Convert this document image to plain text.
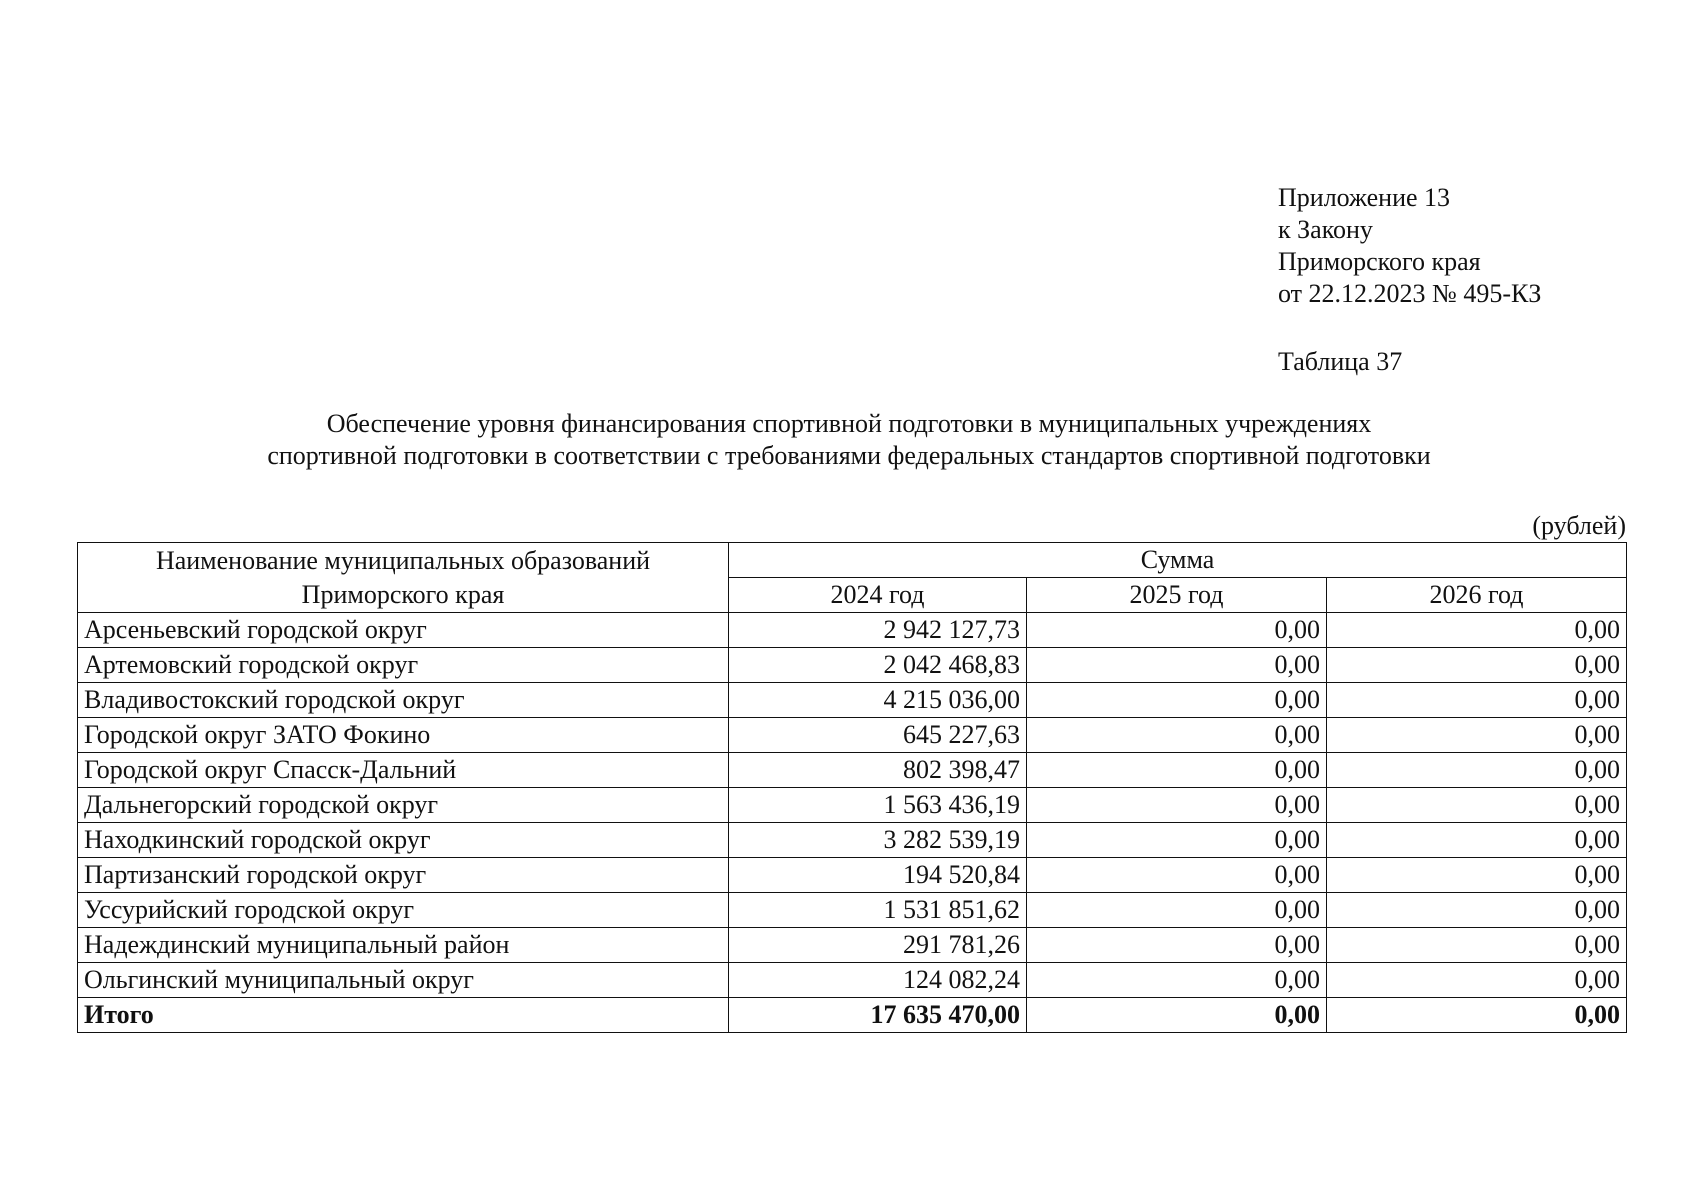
Приложение 13
к Закону
Приморского края
от 22.12.2023 № 495-КЗ
Таблица 37
Обеспечение уровня финансирования спортивной подготовки в муниципальных учреждениях
спортивной подготовки в соответствии с требованиями федеральных стандартов спортивной подготовки
(рублей)
Наименование муниципальных образований
Приморского края	Сумма		
	2024 год	2025 год	2026 год
Арсеньевский городской округ	2 942 127,73	0,00	0,00
Артемовский городской округ	2 042 468,83	0,00	0,00
Владивостокский городской округ	4 215 036,00	0,00	0,00
Городской округ ЗАТО Фокино	645 227,63	0,00	0,00
Городской округ Спасск-Дальний	802 398,47	0,00	0,00
Дальнегорский городской округ	1 563 436,19	0,00	0,00
Находкинский городской округ	3 282 539,19	0,00	0,00
Партизанский городской округ	194 520,84	0,00	0,00
Уссурийский городской округ	1 531 851,62	0,00	0,00
Надеждинский муниципальный район	291 781,26	0,00	0,00
Ольгинский муниципальный округ	124 082,24	0,00	0,00
Итого	17 635 470,00	0,00	0,00
